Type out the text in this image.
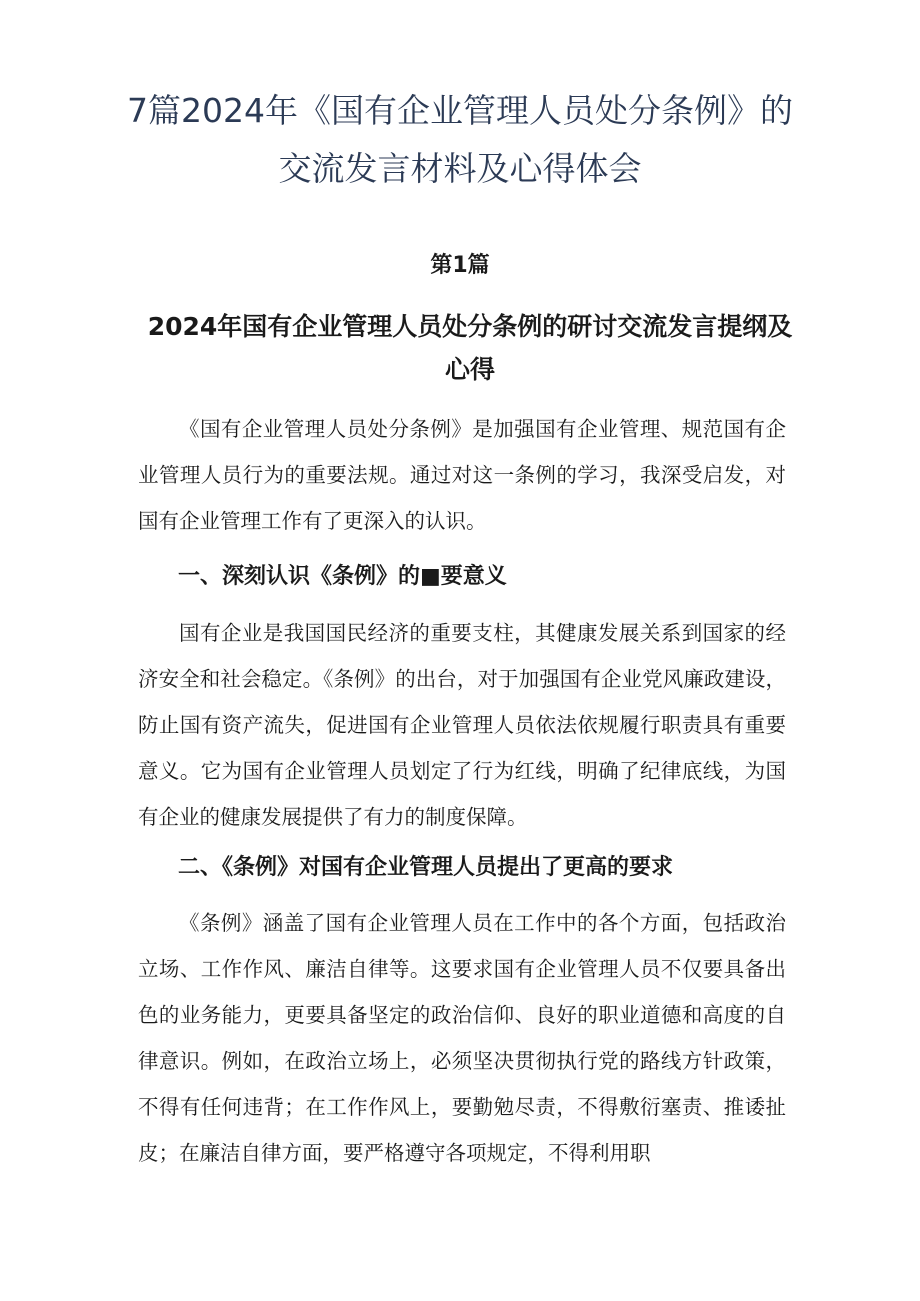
7篇2024年《国有企业管理人员处分条例》的交流发言材料及心得体会
第1篇
2024年国有企业管理人员处分条例的研讨交流发言提纲及心得

《国有企业管理人员处分条例》是加强国有企业管理、规范国有企业管理人员行为的重要法规。通过对这一条例的学习，我深受启发，对国有企业管理工作有了更深入的认识。

一、深刻认识《条例》的■要意义

国有企业是我国国民经济的重要支柱，其健康发展关系到国家的经济安全和社会稳定。《条例》的出台，对于加强国有企业党风廉政建设，防止国有资产流失，促进国有企业管理人员依法依规履行职责具有重要意义。它为国有企业管理人员划定了行为红线，明确了纪律底线，为国有企业的健康发展提供了有力的制度保障。

二、《条例》对国有企业管理人员提出了更高的要求

《条例》涵盖了国有企业管理人员在工作中的各个方面，包括政治立场、工作作风、廉洁自律等。这要求国有企业管理人员不仅要具备出色的业务能力，更要具备坚定的政治信仰、良好的职业道德和高度的自律意识。例如，在政治立场上，必须坚决贯彻执行党的路线方针政策，不得有任何违背；在工作作风上，要勤勉尽责，不得敷衍塞责、推诿扯皮；在廉洁自律方面，要严格遵守各项规定，不得利用职
